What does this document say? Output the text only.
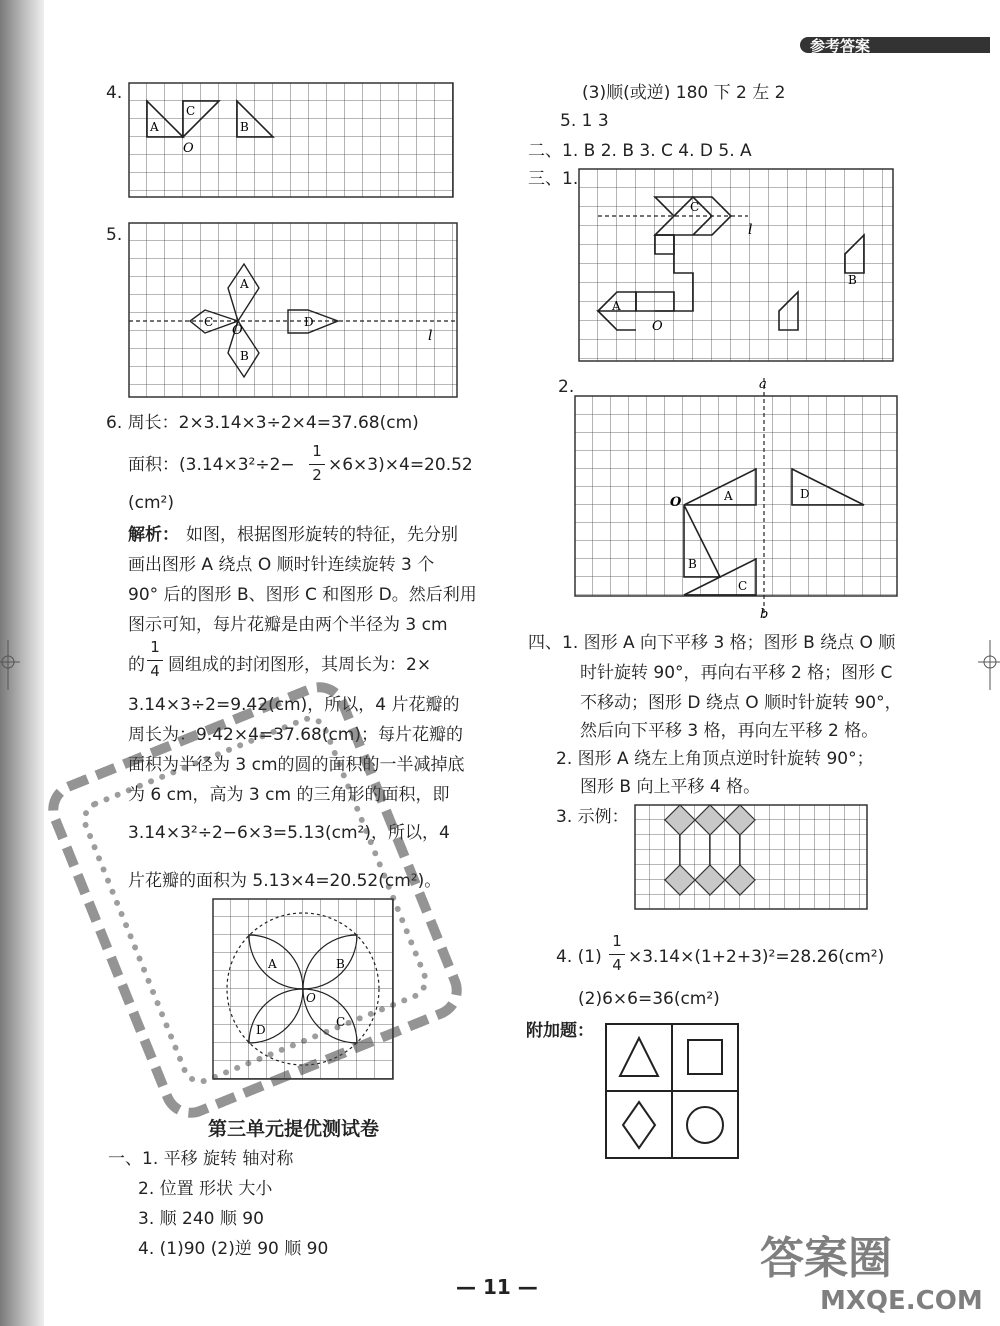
参考答案
4.
A
C
B
O
5.
A
B
C	D
O	l
6. 周长：2×3.14×3÷2×4=37.68(cm)
面积：(3.14×3²÷2−
1
2 ×6×3)×4=20.52
(cm²)
解析： 如图，根据图形旋转的特征，先分别
画出图形 A 绕点 O 顺时针连续旋转 3 个
90° 后的图形 B、图形 C 和图形 D。然后利用
图示可知，每片花瓣是由两个半径为 3 cm
的
1
4 圆组成的封闭图形，其周长为：2×
3.14×3÷2=9.42(cm)，所以，4 片花瓣的
周长为：9.42×4=37.68(cm)；每片花瓣的
面积为半径为 3 cm的圆的面积的一半减掉底
为 6 cm，高为 3 cm 的三角形的面积，即
3.14×3²÷2−6×3=5.13(cm²)，所以，4
片花瓣的面积为 5.13×4=20.52(cm²)。
A	B
C
D
O
第三单元提优测试卷
一、1. 平移 旋转 轴对称
2. 位置 形状 大小
3. 顺 240 顺 90
4. (1)90 (2)逆 90 顺 90
(3)顺(或逆) 180 下 2 左 2
5. 1 3
二、1. B 2. B 3. C 4. D 5. A
三、1.
C
A
B
O
l
2.
A	D
B
C
O
a
b
四、1. 图形 A 向下平移 3 格；图形 B 绕点 O 顺
时针旋转 90°，再向右平移 2 格；图形 C
不移动；图形 D 绕点 O 顺时针旋转 90°，
然后向下平移 3 格，再向左平移 2 格。
2. 图形 A 绕左上角顶点逆时针旋转 90°；
图形 B 向上平移 4 格。
3. 示例：
4. (1)
1
4 ×3.14×(1+2+3)²=28.26(cm²)
(2)6×6=36(cm²)
附加题：
— 11 —
答案圈
MXQE.COM
